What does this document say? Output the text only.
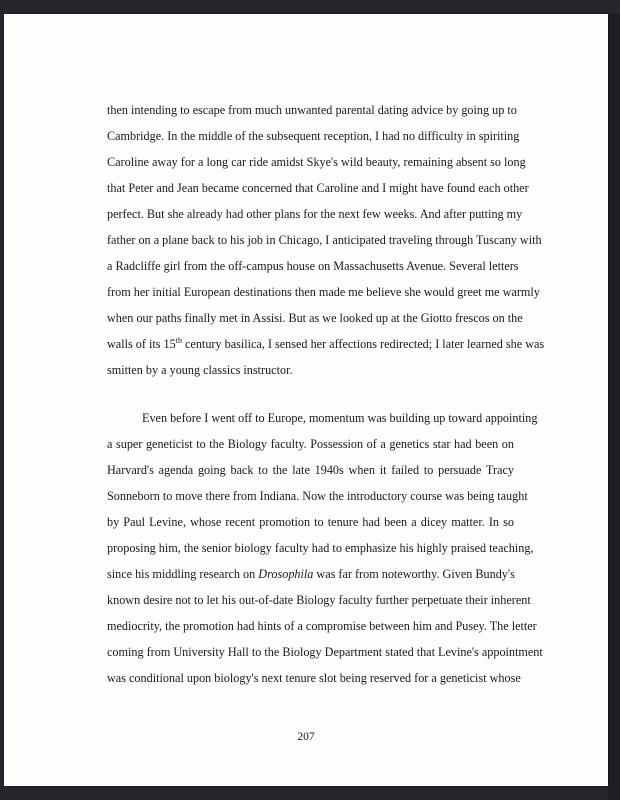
then intending to escape from much unwanted parental dating advice by going up to
Cambridge. In the middle of the subsequent reception, I had no difficulty in spiriting
Caroline away for a long car ride amidst Skye's wild beauty, remaining absent so long
that Peter and Jean became concerned that Caroline and I might have found each other
perfect. But she already had other plans for the next few weeks. And after putting my
father on a plane back to his job in Chicago, I anticipated traveling through Tuscany with
a Radcliffe girl from the off-campus house on Massachusetts Avenue. Several letters
from her initial European destinations then made me believe she would greet me warmly
when our paths finally met in Assisi. But as we looked up at the Giotto frescos on the
walls of its 15th century basilica, I sensed her affections redirected; I later learned she was
smitten by a young classics instructor.
Even before I went off to Europe, momentum was building up toward appointing
a super geneticist to the Biology faculty. Possession of a genetics star had been on
Harvard's agenda going back to the late 1940s when it failed to persuade Tracy
Sonneborn to move there from Indiana. Now the introductory course was being taught
by Paul Levine, whose recent promotion to tenure had been a dicey matter. In so
proposing him, the senior biology faculty had to emphasize his highly praised teaching,
since his middling research on Drosophila was far from noteworthy. Given Bundy's
known desire not to let his out-of-date Biology faculty further perpetuate their inherent
mediocrity, the promotion had hints of a compromise between him and Pusey. The letter
coming from University Hall to the Biology Department stated that Levine's appointment
was conditional upon biology's next tenure slot being reserved for a geneticist whose
207
